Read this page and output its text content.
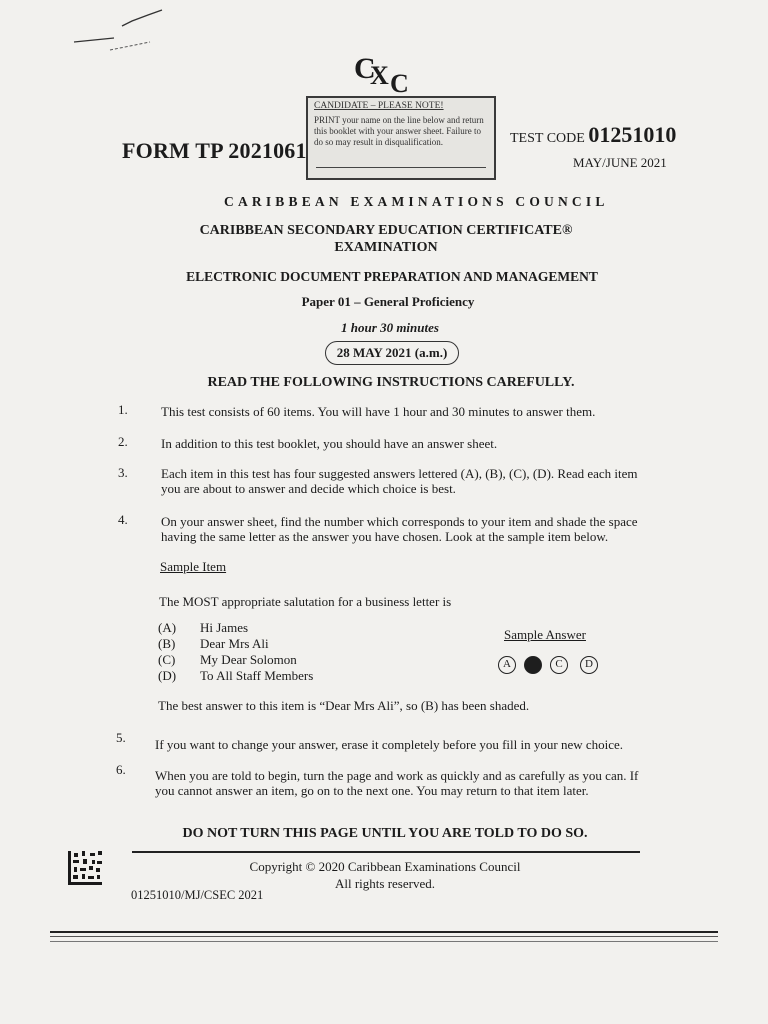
C
X C
CANDIDATE – PLEASE NOTE!
PRINT your name on the line below and return this booklet with your answer sheet. Failure to do so may result in disqualification.
FORM TP 2021061	TEST CODE 01251010
MAY/JUNE 2021
CARIBBEAN EXAMINATIONS COUNCIL
CARIBBEAN SECONDARY EDUCATION CERTIFICATE®
EXAMINATION
ELECTRONIC DOCUMENT PREPARATION AND MANAGEMENT
Paper 01 – General Proficiency
1 hour 30 minutes
28 MAY 2021 (a.m.)
READ THE FOLLOWING INSTRUCTIONS CAREFULLY.
1.	This test consists of 60 items. You will have 1 hour and 30 minutes to answer them.
2.	In addition to this test booklet, you should have an answer sheet.
3.	Each item in this test has four suggested answers lettered (A), (B), (C), (D). Read each item you are about to answer and decide which choice is best.
4.	On your answer sheet, find the number which corresponds to your item and shade the space having the same letter as the answer you have chosen. Look at the sample item below.
Sample Item
The MOST appropriate salutation for a business letter is
(A) Hi James
(B) Dear Mrs Ali
(C) My Dear Solomon
(D) To All Staff Members
Sample Answer
A	C	D
The best answer to this item is “Dear Mrs Ali”, so (B) has been shaded.
5. If you want to change your answer, erase it completely before you fill in your new choice.
6. When you are told to begin, turn the page and work as quickly and as carefully as you can. If you cannot answer an item, go on to the next one. You may return to that item later.
DO NOT TURN THIS PAGE UNTIL YOU ARE TOLD TO DO SO.
Copyright © 2020 Caribbean Examinations Council
All rights reserved.
01251010/MJ/CSEC 2021
